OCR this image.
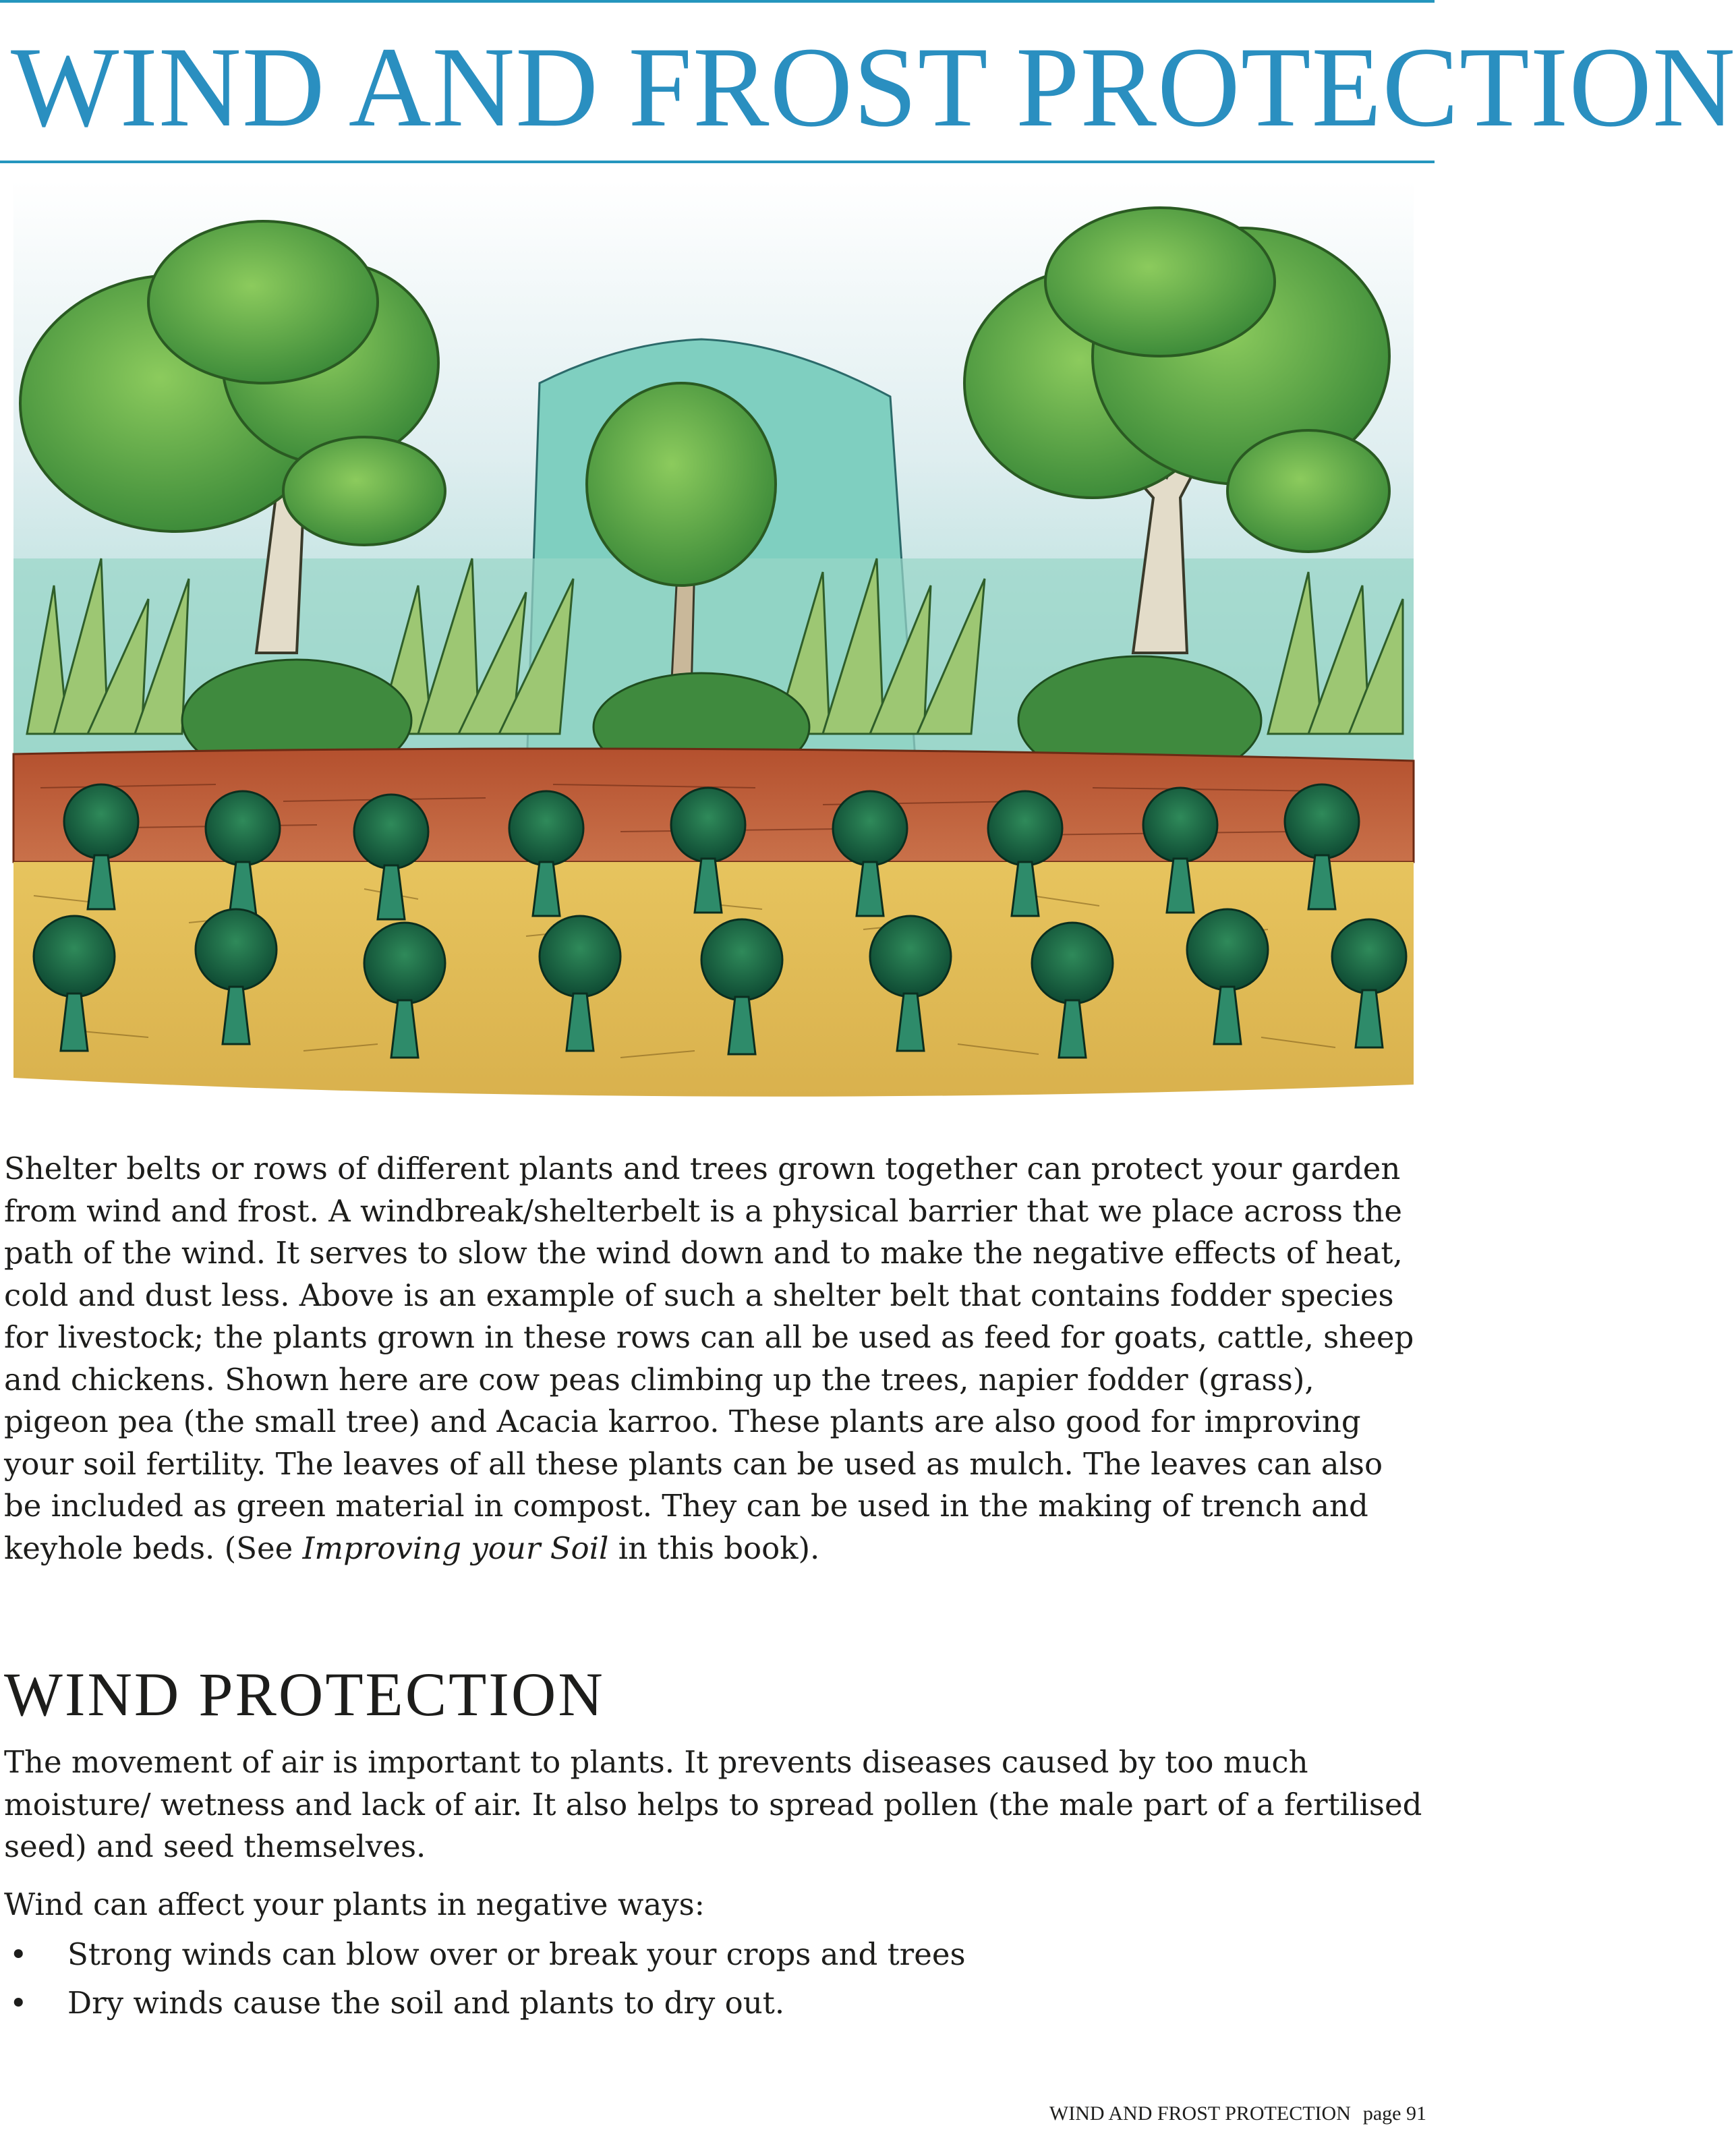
WIND AND FROST PROTECTION

Shelter belts or rows of different plants and trees grown together can protect your garden from wind and frost. A windbreak/shelterbelt is a physical barrier that we place across the path of the wind. It serves to slow the wind down and to make the negative effects of heat, cold and dust less. Above is an example of such a shelter belt that contains fodder species for livestock; the plants grown in these rows can all be used as feed for goats, cattle, sheep and chickens. Shown here are cow peas climbing up the trees, napier fodder (grass), pigeon pea (the small tree) and Acacia karroo. These plants are also good for improving your soil fertility. The leaves of all these plants can be used as mulch. The leaves can also be included as green material in compost. They can be used in the making of trench and keyhole beds. (See Improving your Soil in this book).

WIND PROTECTION

The movement of air is important to plants. It prevents diseases caused by too much moisture/ wetness and lack of air. It also helps to spread pollen (the male part of a fertilised seed) and seed themselves.

Wind can affect your plants in negative ways:

• Strong winds can blow over or break your crops and trees
• Dry winds cause the soil and plants to dry out.
WIND AND FROST PROTECTION page 91
